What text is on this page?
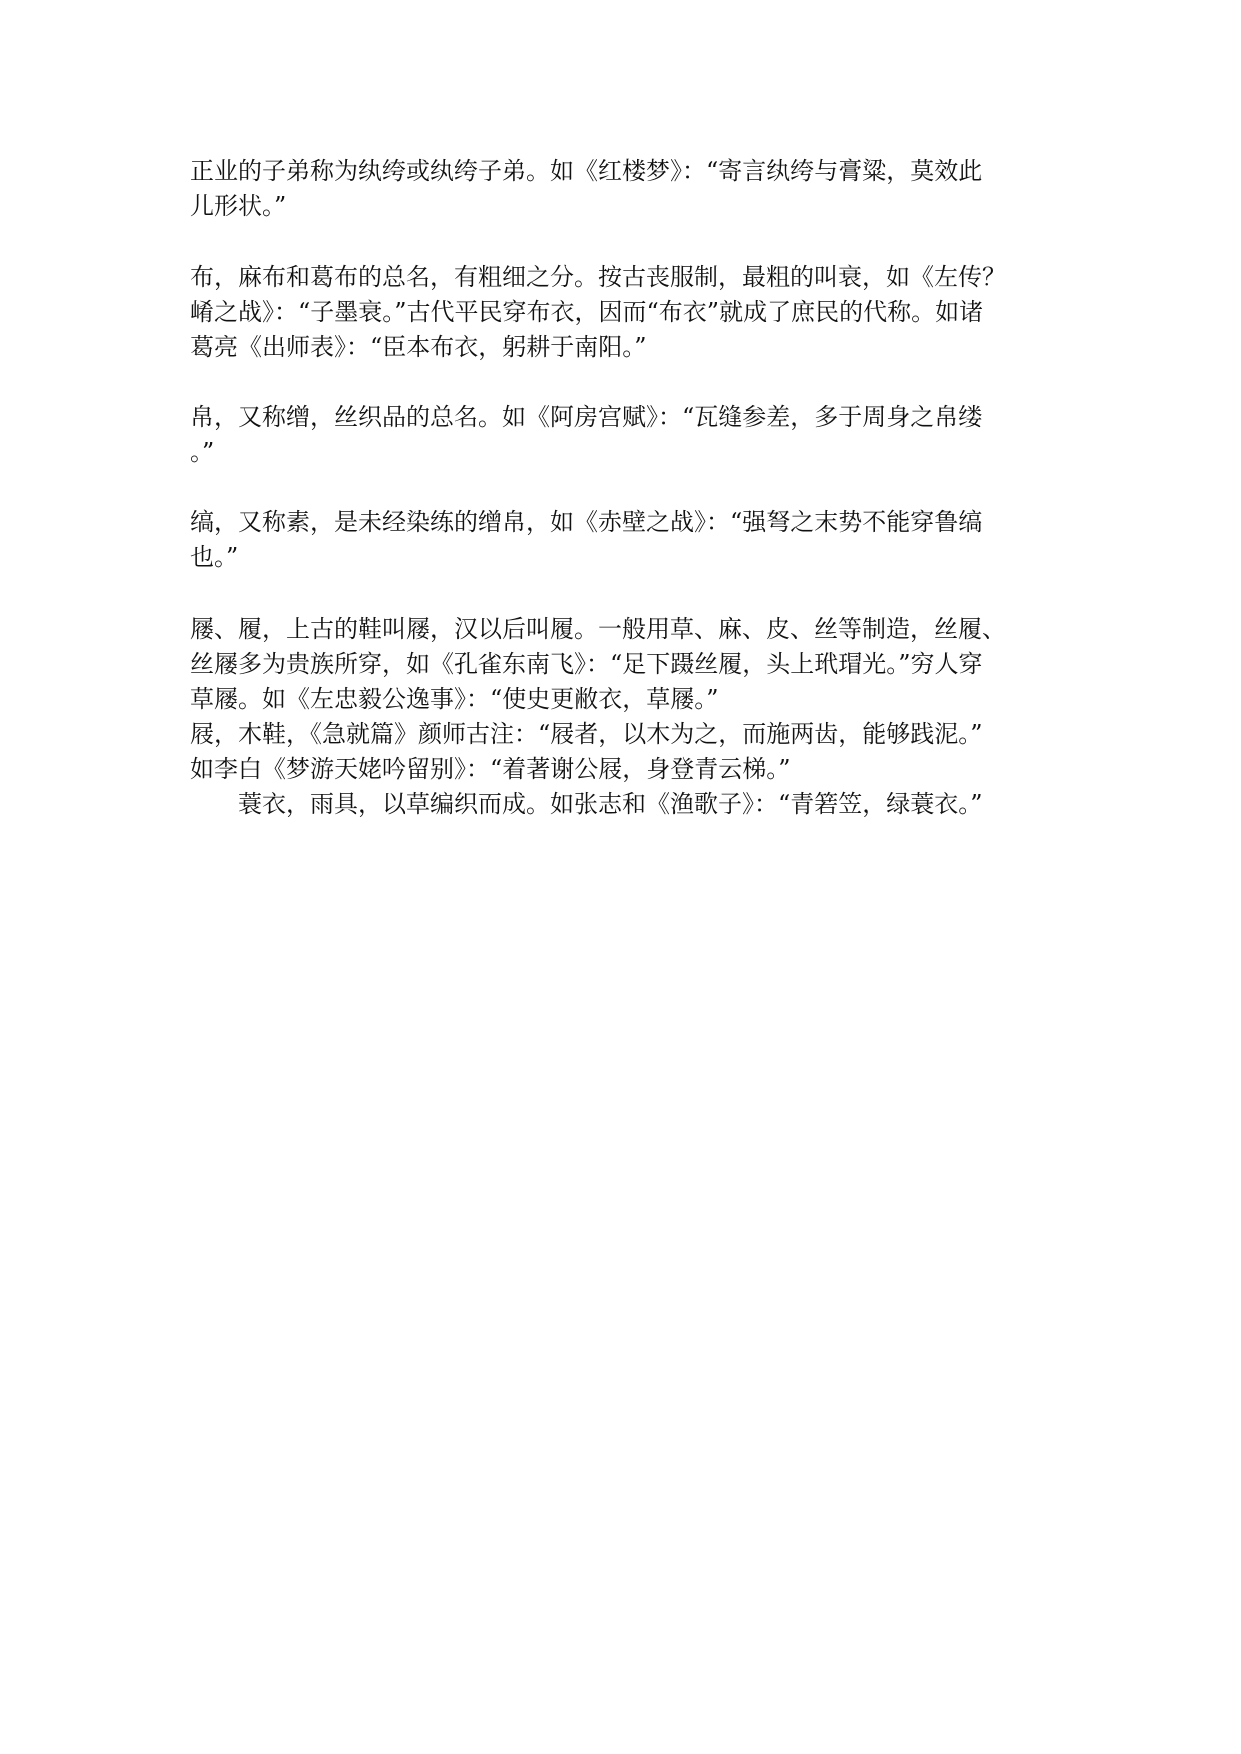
正业的子弟称为纨绔或纨绔子弟。如《红楼梦》：“寄言纨绔与膏粱，莫效此
儿形状。”

布，麻布和葛布的总名，有粗细之分。按古丧服制，最粗的叫衰，如《左传？
崤之战》：“子墨衰。”古代平民穿布衣，因而“布衣”就成了庶民的代称。如诸
葛亮《出师表》：“臣本布衣，躬耕于南阳。”

帛，又称缯，丝织品的总名。如《阿房宫赋》：“瓦缝参差，多于周身之帛缕
。”

缟，又称素，是未经染练的缯帛，如《赤壁之战》：“强弩之末势不能穿鲁缟
也。”

屦、履，上古的鞋叫屦，汉以后叫履。一般用草、麻、皮、丝等制造，丝履、
丝屦多为贵族所穿，如《孔雀东南飞》：“足下蹑丝履，头上玳瑁光。”穷人穿
草屦。如《左忠毅公逸事》：“使史更敝衣，草屦。”

屐，木鞋，《急就篇》颜师古注：“屐者，以木为之，而施两齿，能够践泥。”
如李白《梦游天姥吟留别》：“着著谢公屐，身登青云梯。”

蓑衣，雨具，以草编织而成。如张志和《渔歌子》：“青箬笠，绿蓑衣。”
